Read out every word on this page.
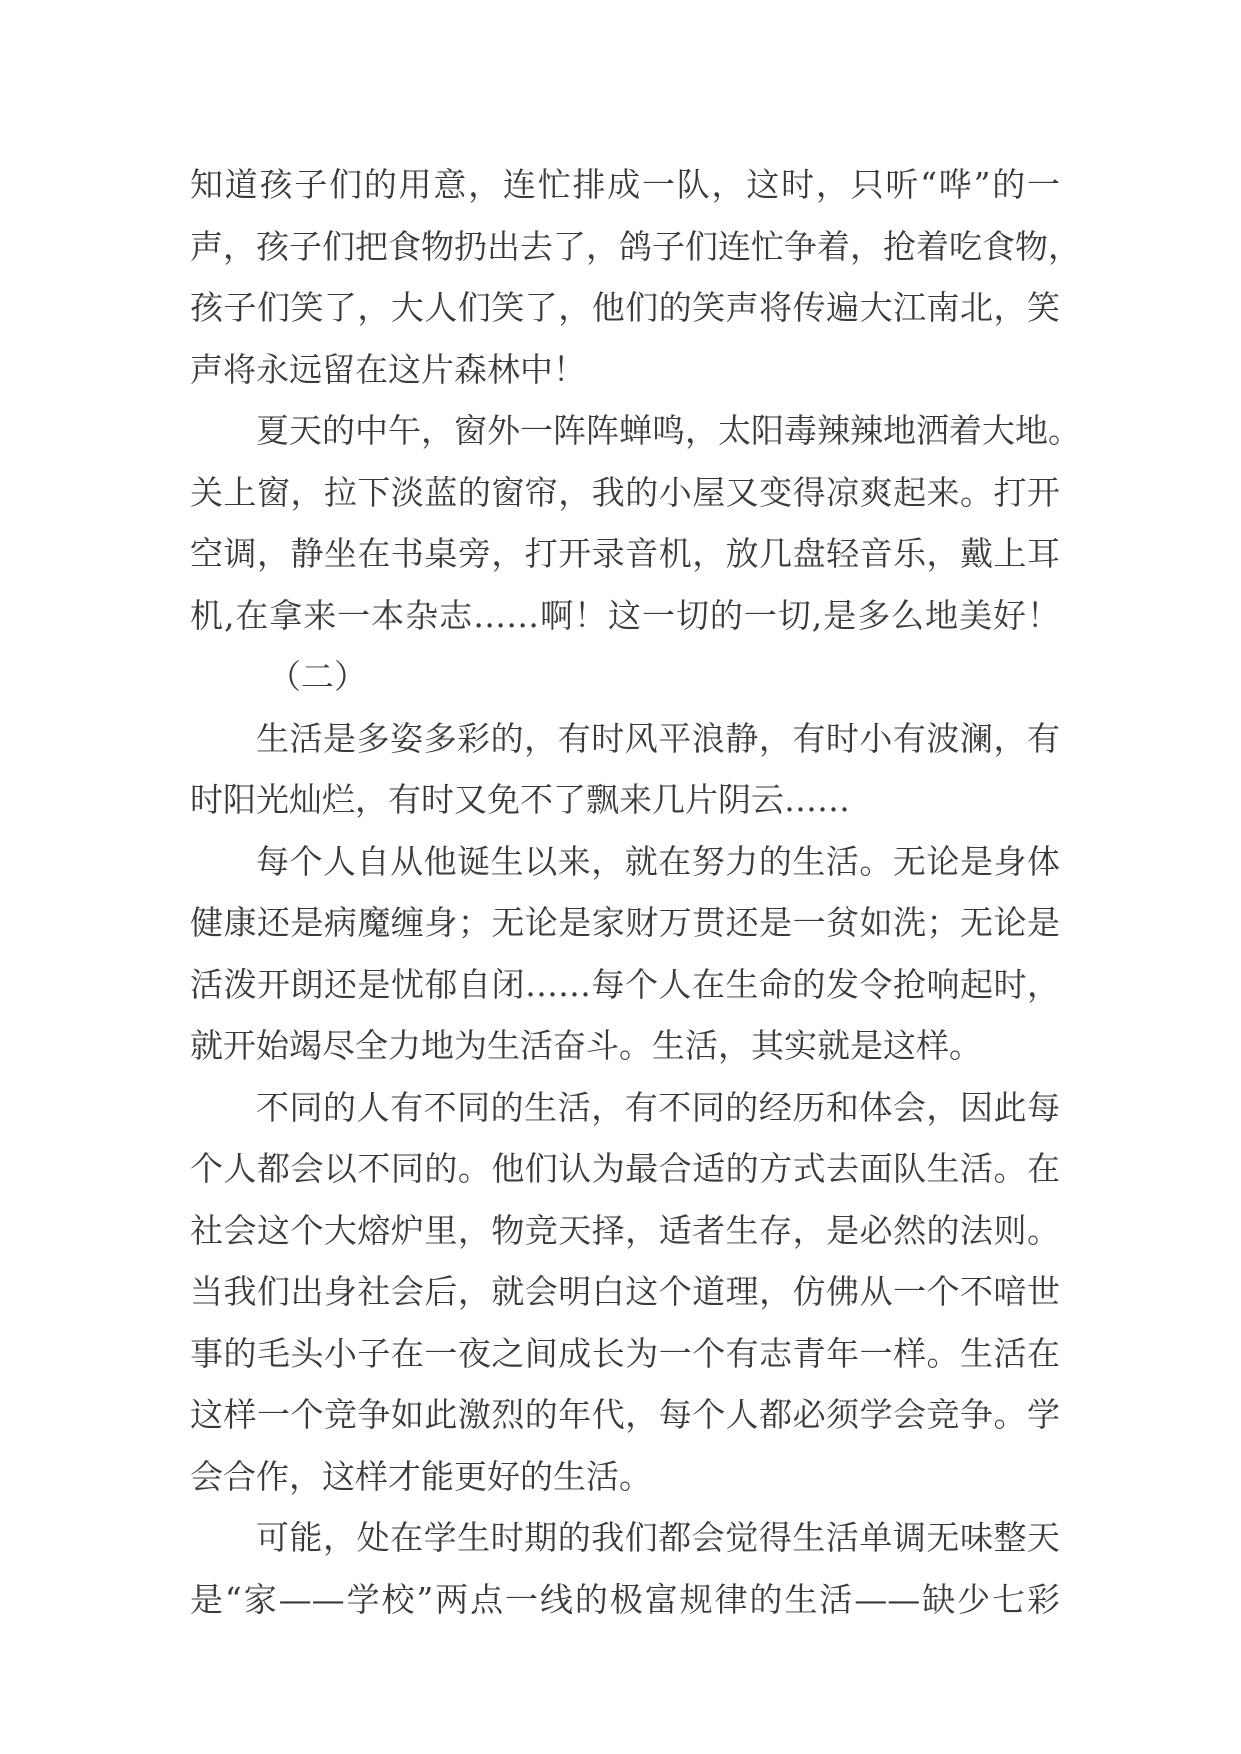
知道孩子们的用意，连忙排成一队，这时，只听“哗”的一
声，孩子们把食物扔出去了，鸽子们连忙争着，抢着吃食物，
孩子们笑了，大人们笑了，他们的笑声将传遍大江南北，笑
声将永远留在这片森林中！
夏天的中午，窗外一阵阵蝉鸣，太阳毒辣辣地洒着大地。
关上窗，拉下淡蓝的窗帘，我的小屋又变得凉爽起来。打开
空调，静坐在书桌旁，打开录音机，放几盘轻音乐，戴上耳
机,在拿来一本杂志……啊！这一切的一切,是多么地美好！
（二）
生活是多姿多彩的，有时风平浪静，有时小有波澜，有
时阳光灿烂，有时又免不了飘来几片阴云……
每个人自从他诞生以来，就在努力的生活。无论是身体
健康还是病魔缠身；无论是家财万贯还是一贫如洗；无论是
活泼开朗还是忧郁自闭……每个人在生命的发令抢响起时，
就开始竭尽全力地为生活奋斗。生活，其实就是这样。
不同的人有不同的生活，有不同的经历和体会，因此每
个人都会以不同的。他们认为最合适的方式去面队生活。在
社会这个大熔炉里，物竞天择，适者生存，是必然的法则。
当我们出身社会后，就会明白这个道理，仿佛从一个不喑世
事的毛头小子在一夜之间成长为一个有志青年一样。生活在
这样一个竞争如此激烈的年代，每个人都必须学会竞争。学
会合作，这样才能更好的生活。
可能，处在学生时期的我们都会觉得生活单调无味整天
是“家——学校”两点一线的极富规律的生活——缺少七彩
